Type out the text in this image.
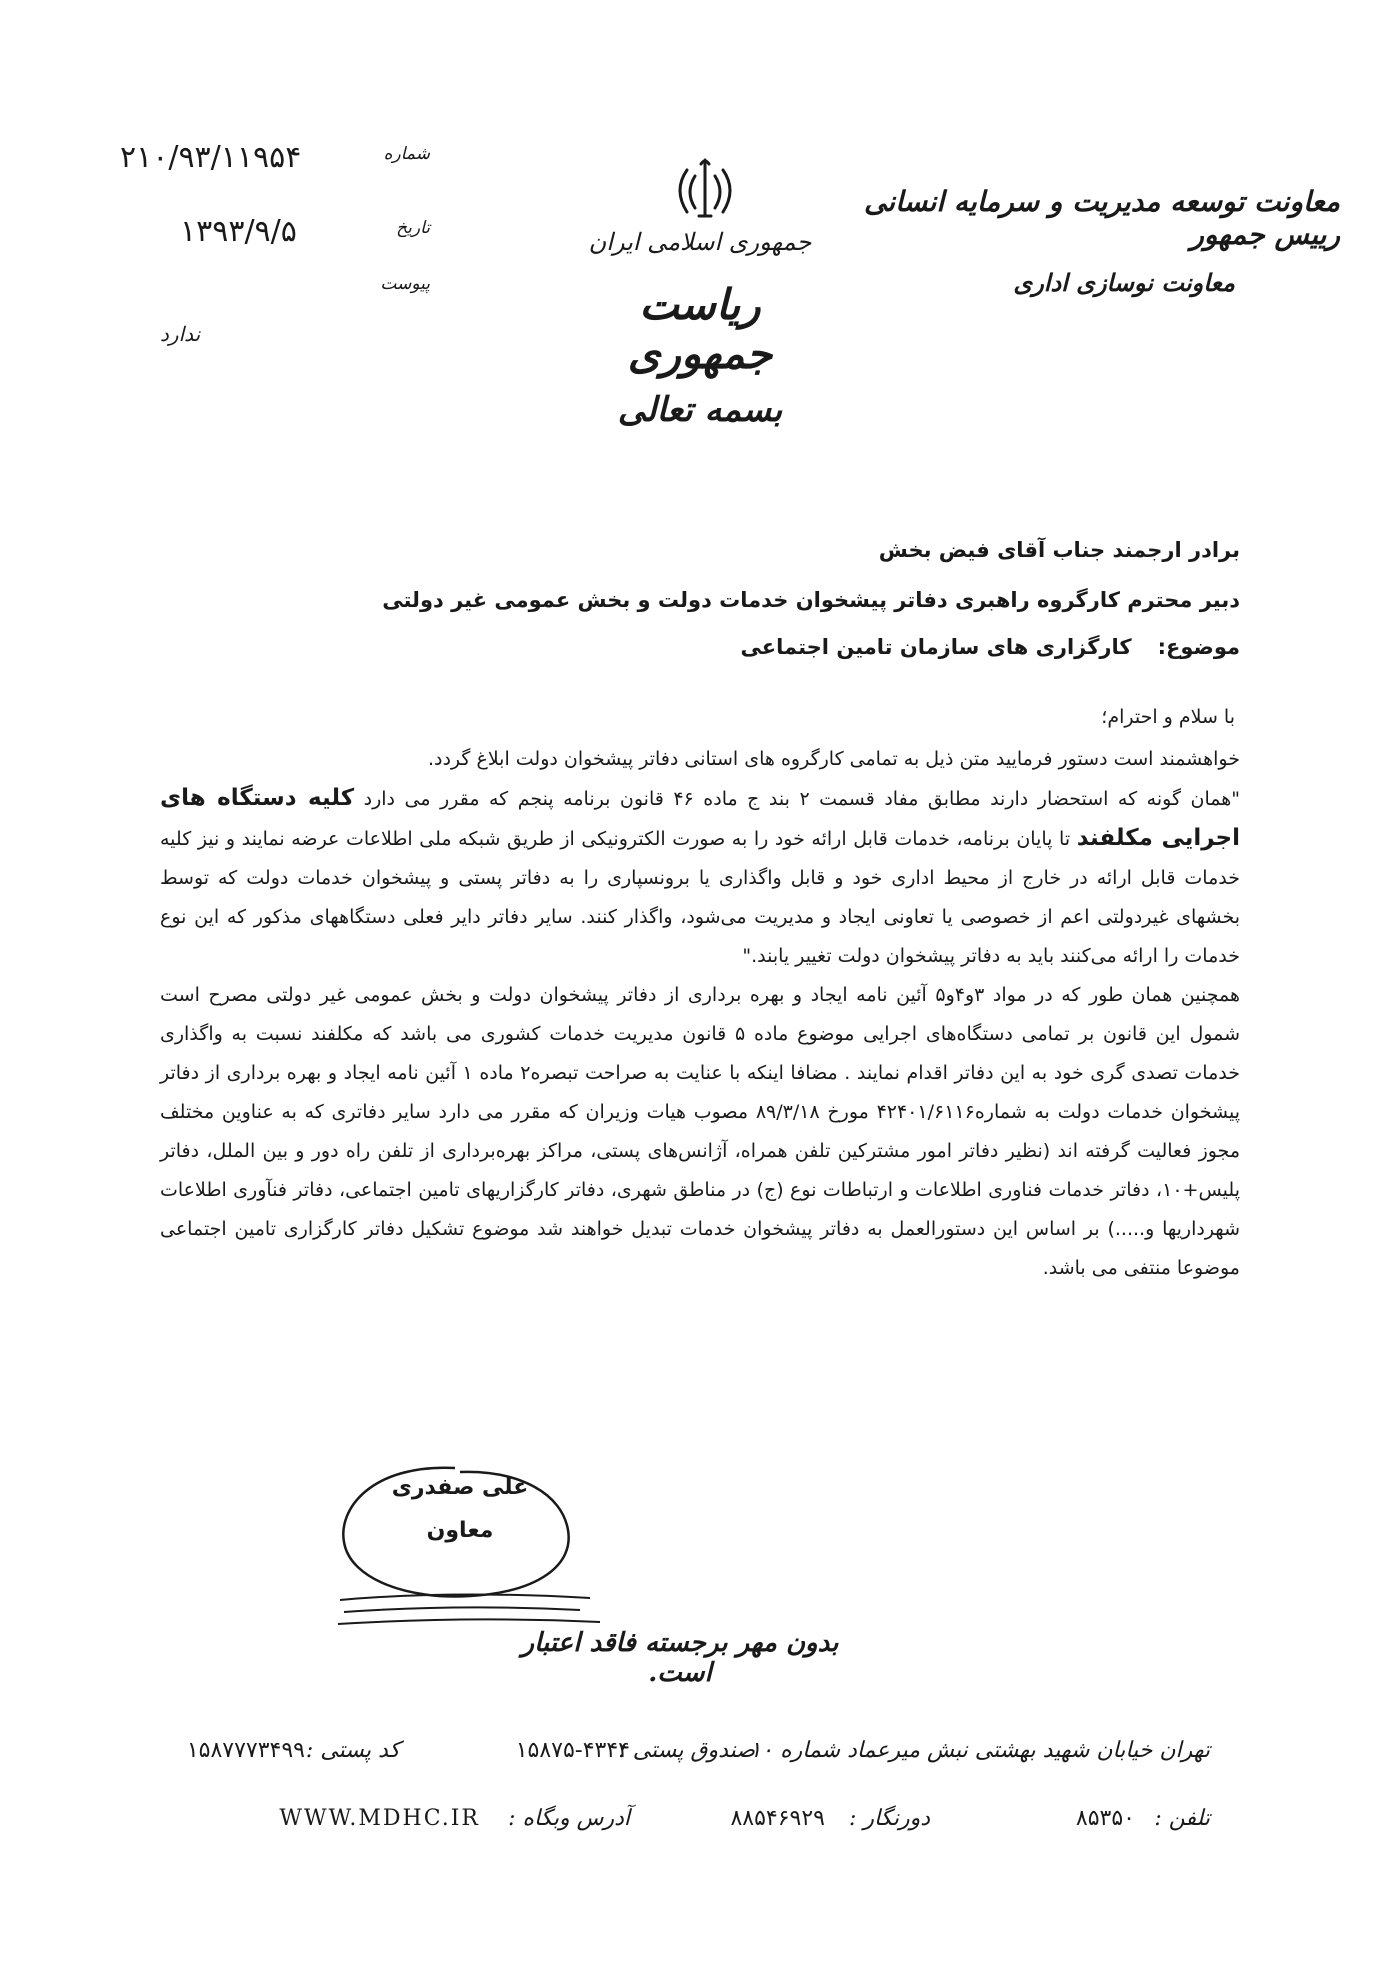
۲۱۰/۹۳/۱۱۹۵۴	شماره
۱۳۹۳/۹/۵	تاریخ
پیوست
ندارد
جمهوری اسلامی ایران
ریاست جمهوری
بسمه تعالی
معاونت توسعه مدیریت و سرمایه انسانی رییس جمهور
معاونت نوسازی اداری
برادر ارجمند جناب آقای فیض بخش
دبیر محترم کارگروه راهبری دفاتر پیشخوان خدمات دولت و بخش عمومی غیر دولتی
موضوع:کارگزاری های سازمان تامین اجتماعی
با سلام و احترام؛

خواهشمند است دستور فرمایید متن ذیل به تمامی کارگروه های استانی دفاتر پیشخوان دولت ابلاغ گردد.

"همان گونه که استحضار دارند مطابق مفاد قسمت ۲ بند ج ماده ۴۶ قانون برنامه پنجم که مقرر می دارد کلیه دستگاه های اجرایی مکلفند تا پایان برنامه، خدمات قابل ارائه خود را به صورت الکترونیکی از طریق شبکه ملی اطلاعات عرضه نمایند و نیز کلیه خدمات قابل ارائه در خارج از محیط اداری خود و قابل واگذاری یا برونسپاری را به دفاتر پستی و پیشخوان خدمات دولت که توسط بخشهای غیردولتی اعم از خصوصی یا تعاونی ایجاد و مدیریت می‌شود، واگذار کنند. سایر دفاتر دایر فعلی دستگاههای مذکور که این نوع خدمات را ارائه می‌کنند باید به دفاتر پیشخوان دولت تغییر یابند."

همچنین همان طور که در مواد ۳و۴و۵ آئین نامه ایجاد و بهره برداری از دفاتر پیشخوان دولت و بخش عمومی غیر دولتی مصرح است شمول این قانون بر تمامی دستگاه‌های اجرایی موضوع ماده ۵ قانون مدیریت خدمات کشوری می باشد که مکلفند نسبت به واگذاری خدمات تصدی گری خود به این دفاتر اقدام نمایند . مضافا اینکه با عنایت به صراحت تبصره۲ ماده ۱ آئین نامه ایجاد و بهره برداری از دفاتر پیشخوان خدمات دولت به شماره۴۲۴۰۱/۶۱۱۶ مورخ ۸۹/۳/۱۸ مصوب هیات وزیران که مقرر می دارد سایر دفاتری که به عناوین مختلف مجوز فعالیت گرفته اند (نظیر دفاتر امور مشترکین تلفن همراه، آژانس‌های پستی، مراکز بهره‌برداری از تلفن راه دور و بین الملل، دفاتر پلیس+۱۰، دفاتر خدمات فناوری اطلاعات و ارتباطات نوع (ج) در مناطق شهری، دفاتر کارگزاریهای تامین اجتماعی، دفاتر فنآوری اطلاعات شهرداریها و.....) بر اساس این دستورالعمل به دفاتر پیشخوان خدمات تبدیل خواهند شد موضوع تشکیل دفاتر کارگزاری تامین اجتماعی موضوعا منتفی می باشد.

علی صفدری
معاون
بدون مهر برجسته فاقد اعتبار است.
تهران خیابان شهید بهشتی نبش میرعماد شماره ۱۰
صندوق پستی :
۱۵۸۷۵-۴۳۴۴
کد پستی :
۱۵۸۷۷۷۳۴۹۹
تلفن :
۸۵۳۵۰
دورنگار :
۸۸۵۴۶۹۲۹
آدرس وبگاه :
WWW.MDHC.IR
